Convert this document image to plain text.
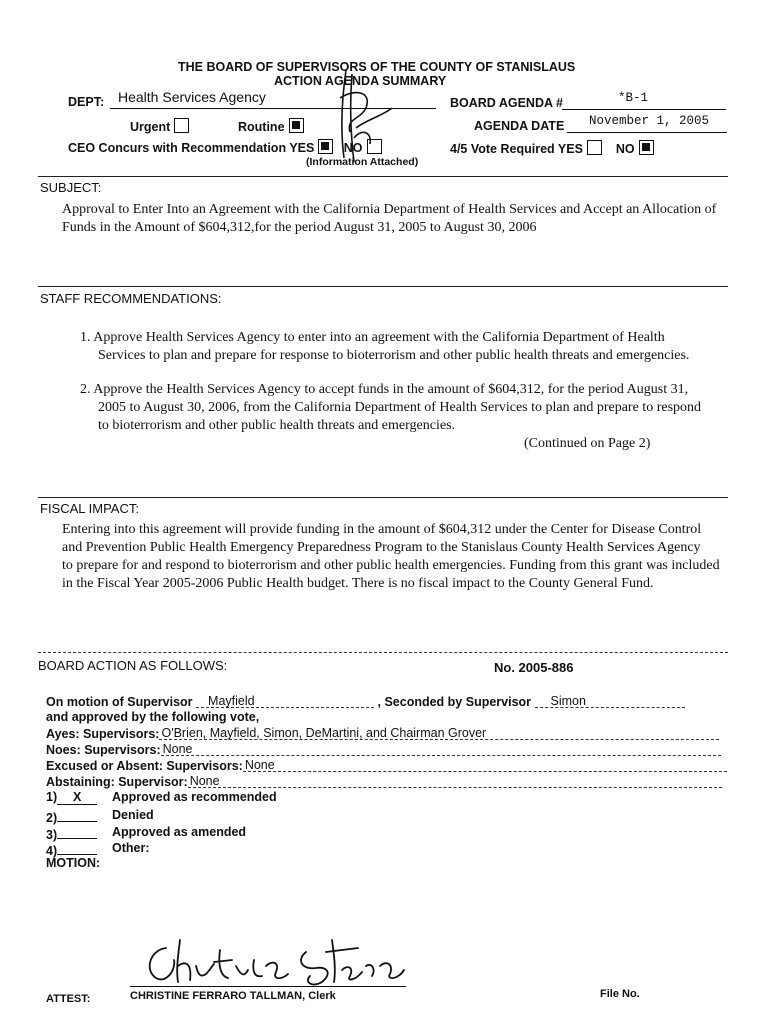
THE BOARD OF SUPERVISORS OF THE COUNTY OF STANISLAUS
ACTION AGENDA SUMMARY
DEPT: Health Services Agency	BOARD AGENDA #	*B-1
Urgent	Routine	AGENDA DATE	November 1, 2005
CEO Concurs with Recommendation YES NO
(Information Attached)
4/5 Vote Required YES	NO
SUBJECT:
Approval to Enter Into an Agreement with the California Department of Health Services and Accept an Allocation of
Funds in the Amount of $604,312,for the period August 31, 2005 to August 30, 2006
STAFF RECOMMENDATIONS:
1. Approve Health Services Agency to enter into an agreement with the California Department of Health
Services to plan and prepare for response to bioterrorism and other public health threats and emergencies.
2. Approve the Health Services Agency to accept funds in the amount of $604,312, for the period August 31,
2005 to August 30, 2006, from the California Department of Health Services to plan and prepare to respond
to bioterrorism and other public health threats and emergencies.
(Continued on Page 2)
FISCAL IMPACT:
Entering into this agreement will provide funding in the amount of $604,312 under the Center for Disease Control
and Prevention Public Health Emergency Preparedness Program to the Stanislaus County Health Services Agency
to prepare for and respond to bioterrorism and other public health emergencies. Funding from this grant was included
in the Fiscal Year 2005-2006 Public Health budget. There is no fiscal impact to the County General Fund.
BOARD ACTION AS FOLLOWS:	No. 2005-886
On motion of Supervisor Mayfield	, Seconded by Supervisor Simon
and approved by the following vote,
Ayes: Supervisors: O'Brien, Mayfield, Simon, DeMartini, and Chairman Grover
Noes: Supervisors: None
Excused or Absent: Supervisors: None
Abstaining: Supervisor: None
1) X	Approved as recommended
2)	Denied
3)	Approved as amended
4)	Other:
MOTION:
ATTEST:	CHRISTINE FERRARO TALLMAN, Clerk	File No.
